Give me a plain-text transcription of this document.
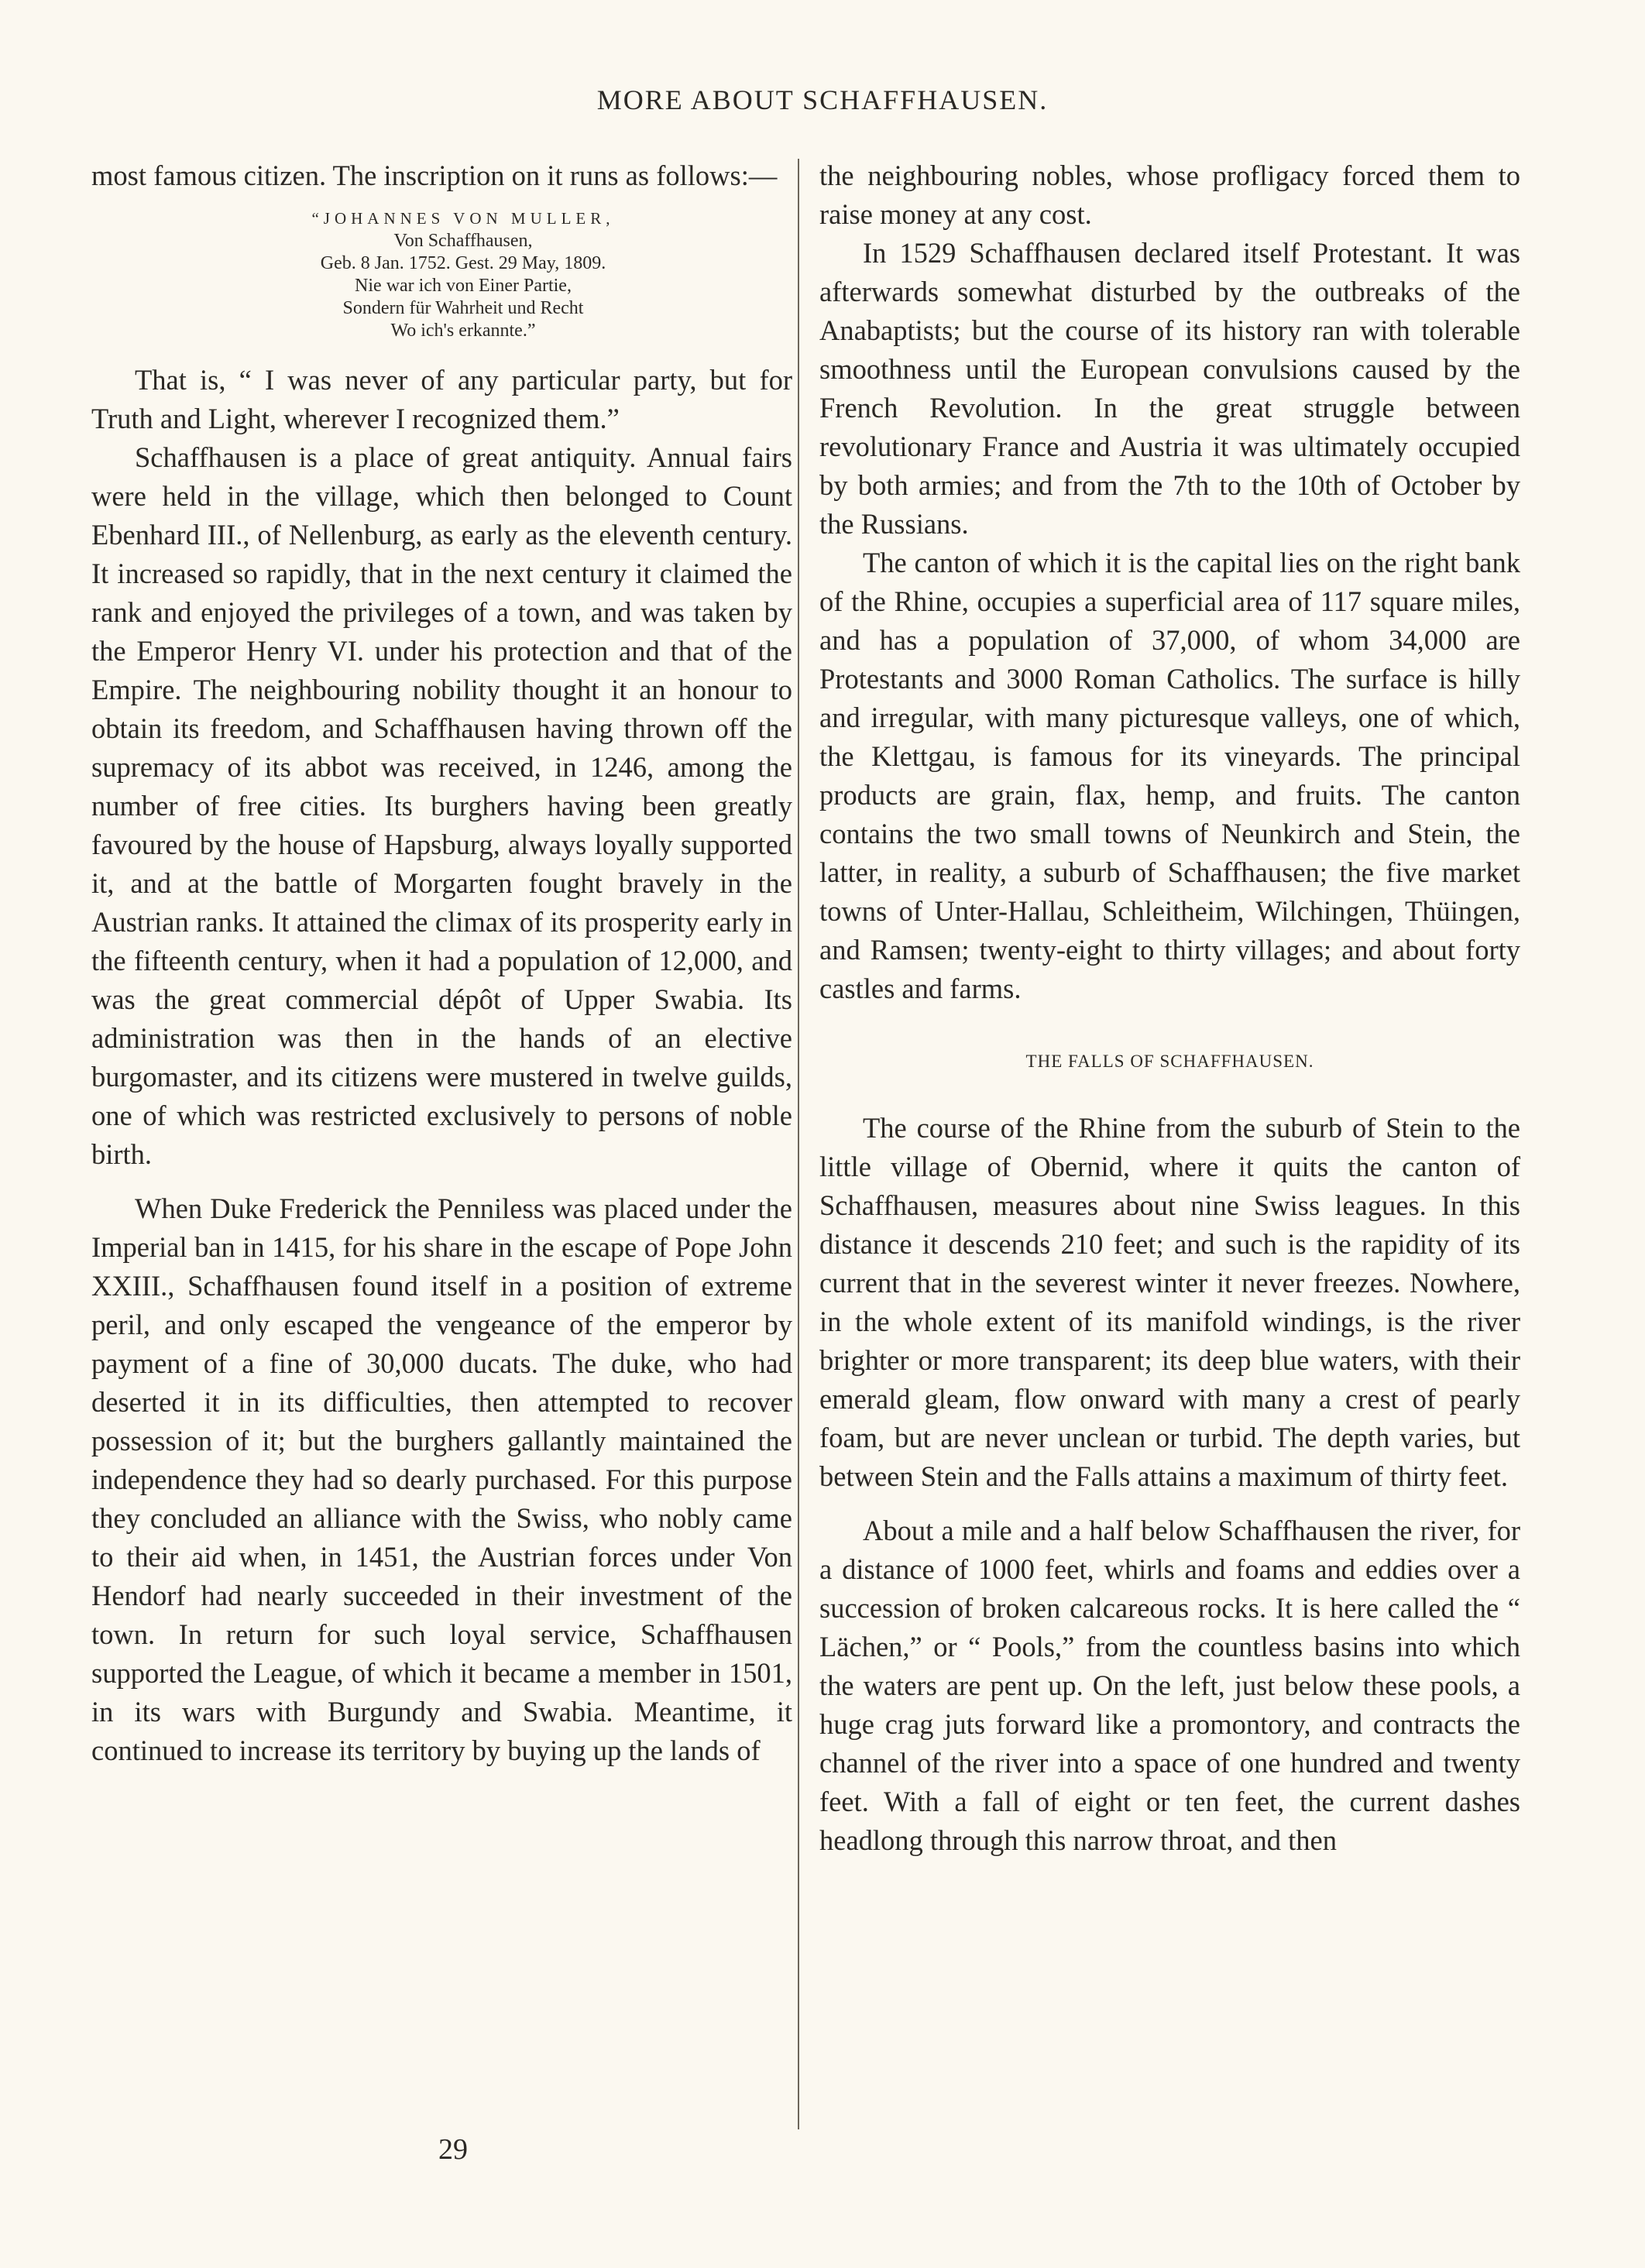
MORE ABOUT SCHAFFHAUSEN.

most famous citizen. The inscription on it runs as follows:—

“JOHANNES VON MULLER,
Von Schaffhausen,
Geb. 8 Jan. 1752. Gest. 29 May, 1809.
Nie war ich von Einer Partie,
Sondern für Wahrheit und Recht
Wo ich's erkannte.”

That is, “ I was never of any particular party, but for Truth and Light, wherever I recognized them.”

Schaffhausen is a place of great antiquity. Annual fairs were held in the village, which then belonged to Count Ebenhard III., of Nellenburg, as early as the eleventh century. It increased so rapidly, that in the next century it claimed the rank and enjoyed the privileges of a town, and was taken by the Emperor Henry VI. under his protection and that of the Empire. The neighbouring nobility thought it an honour to obtain its freedom, and Schaffhausen having thrown off the supremacy of its abbot was received, in 1246, among the number of free cities. Its burghers having been greatly favoured by the house of Hapsburg, always loyally supported it, and at the battle of Morgarten fought bravely in the Austrian ranks. It attained the climax of its prosperity early in the fifteenth century, when it had a population of 12,000, and was the great commercial dépôt of Upper Swabia. Its administration was then in the hands of an elective burgomaster, and its citizens were mustered in twelve guilds, one of which was restricted exclusively to persons of noble birth.

When Duke Frederick the Penniless was placed under the Imperial ban in 1415, for his share in the escape of Pope John XXIII., Schaffhausen found itself in a position of extreme peril, and only escaped the vengeance of the emperor by payment of a fine of 30,000 ducats. The duke, who had deserted it in its difficulties, then attempted to recover possession of it; but the burghers gallantly maintained the independence they had so dearly purchased. For this purpose they concluded an alliance with the Swiss, who nobly came to their aid when, in 1451, the Austrian forces under Von Hendorf had nearly succeeded in their investment of the town. In return for such loyal service, Schaffhausen supported the League, of which it became a member in 1501, in its wars with Burgundy and Swabia. Meantime, it continued to increase its territory by buying up the lands of

the neighbouring nobles, whose profligacy forced them to raise money at any cost.

In 1529 Schaffhausen declared itself Protestant. It was afterwards somewhat disturbed by the outbreaks of the Anabaptists; but the course of its history ran with tolerable smoothness until the European convulsions caused by the French Revolution. In the great struggle between revolutionary France and Austria it was ultimately occupied by both armies; and from the 7th to the 10th of October by the Russians.

The canton of which it is the capital lies on the right bank of the Rhine, occupies a superficial area of 117 square miles, and has a population of 37,000, of whom 34,000 are Protestants and 3000 Roman Catholics. The surface is hilly and irregular, with many picturesque valleys, one of which, the Klettgau, is famous for its vineyards. The principal products are grain, flax, hemp, and fruits. The canton contains the two small towns of Neunkirch and Stein, the latter, in reality, a suburb of Schaffhausen; the five market towns of Unter-Hallau, Schleitheim, Wilchingen, Thüingen, and Ramsen; twenty-eight to thirty villages; and about forty castles and farms.

THE FALLS OF SCHAFFHAUSEN.

The course of the Rhine from the suburb of Stein to the little village of Obernid, where it quits the canton of Schaffhausen, measures about nine Swiss leagues. In this distance it descends 210 feet; and such is the rapidity of its current that in the severest winter it never freezes. Nowhere, in the whole extent of its manifold windings, is the river brighter or more transparent; its deep blue waters, with their emerald gleam, flow onward with many a crest of pearly foam, but are never unclean or turbid. The depth varies, but between Stein and the Falls attains a maximum of thirty feet.

About a mile and a half below Schaffhausen the river, for a distance of 1000 feet, whirls and foams and eddies over a succession of broken calcareous rocks. It is here called the “ Lächen,” or “ Pools,” from the countless basins into which the waters are pent up. On the left, just below these pools, a huge crag juts forward like a promontory, and contracts the channel of the river into a space of one hundred and twenty feet. With a fall of eight or ten feet, the current dashes headlong through this narrow throat, and then

29
